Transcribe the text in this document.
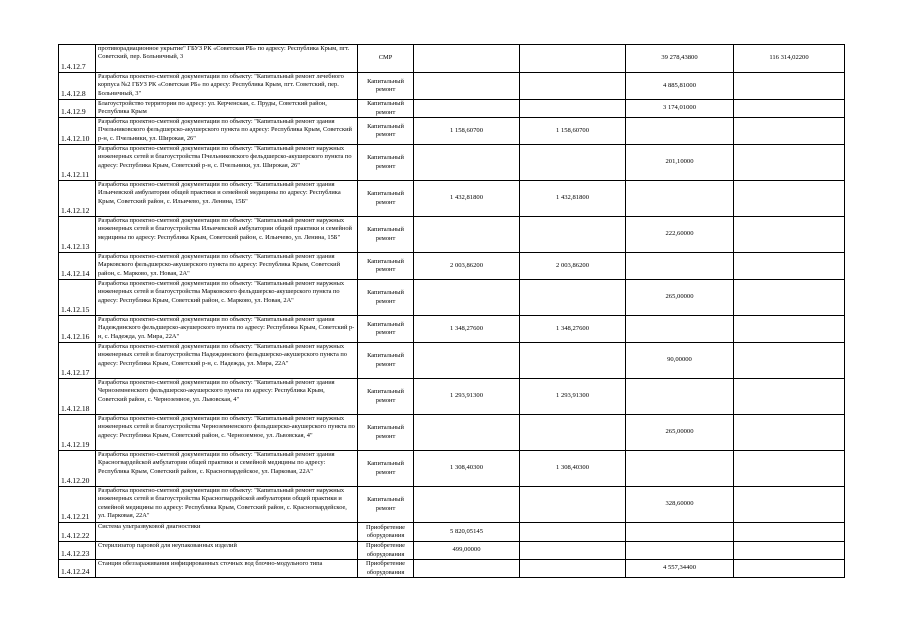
1.4.12.7	противорадиационное укрытие" ГБУЗ РК «Советская РБ» по адресу: Республика Крым, пгт. Советский, пер. Больничный, 3	СМР			39 278,43800	116 314,02200
1.4.12.8	Разработка проектно-сметной документации по объекту: "Капитальный ремонт лечебного корпуса №2 ГБУЗ РК «Советская РБ» по адресу: Республика Крым, пгт. Советский, пер. Больничный, 3"	Капитальный ремонт			4 885,81000	
1.4.12.9	Благоустройство территории по адресу: ул. Керченская, с. Пруды, Советский район, Республика Крым	Капитальный ремонт			3 174,01000	
1.4.12.10	Разработка проектно-сметной документации по объекту: "Капитальный ремонт здания Пчельниковского фельдшерско-акушерского пункта по адресу: Республика Крым, Советский р-н, с. Пчельники, ул. Широкая, 26"	Капитальный ремонт	1 158,60700	1 158,60700		
1.4.12.11	Разработка проектно-сметной документации по объекту: "Капитальный ремонт наружных инженерных сетей и благоустройства Пчельниковского фельдшерско-акушерского пункта по адресу: Республика Крым, Советский р-н, с. Пчельники, ул. Широкая, 26"	Капитальный ремонт			201,10000	
1.4.12.12	Разработка проектно-сметной документации по объекту: "Капитальный ремонт здания Ильичевской амбулатории общей практики и семейной медицины по адресу: Республика Крым, Советский район, с. Ильичево, ул. Ленина, 15Б"	Капитальный ремонт	1 432,81800	1 432,81800		
1.4.12.13	Разработка проектно-сметной документации по объекту: "Капитальный ремонт наружных инженерных сетей и благоустройства Ильичевской амбулатории общей практики и семейной медицины по адресу: Республика Крым, Советский район, с. Ильичево, ул. Ленина, 15Б"	Капитальный ремонт			222,60000	
1.4.12.14	Разработка проектно-сметной документации по объекту: "Капитальный ремонт здания Марковского фельдшерско-акушерского пункта по адресу: Республика Крым, Советский район, с. Марково, ул. Новая, 2А"	Капитальный ремонт	2 003,86200	2 003,86200		
1.4.12.15	Разработка проектно-сметной документации по объекту: "Капитальный ремонт наружных инженерных сетей и благоустройства Марковского фельдшерско-акушерского пункта по адресу: Республика Крым, Советский район, с. Марково, ул. Новая, 2А"	Капитальный ремонт			265,00000	
1.4.12.16	Разработка проектно-сметной документации по объекту: "Капитальный ремонт здания Надеждинского фельдшерско-акушерского пункта по адресу: Республика Крым, Советский р-н, с. Надежда, ул. Мира, 22А"	Капитальный ремонт	1 348,27600	1 348,27600		
1.4.12.17	Разработка проектно-сметной документации по объекту: "Капитальный ремонт наружных инженерных сетей и благоустройства Надеждинского фельдшерско-акушерского пункта по адресу: Республика Крым, Советский р-н, с. Надежда, ул. Мира, 22А"	Капитальный ремонт			90,00000	
1.4.12.18	Разработка проектно-сметной документации по объекту: "Капитальный ремонт здания Черноземненского фельдшерско-акушерского пункта по адресу: Республика Крым, Советский район, с. Черноземное, ул. Львовская, 4"	Капитальный ремонт	1 293,91300	1 293,91300		
1.4.12.19	Разработка проектно-сметной документации по объекту: "Капитальный ремонт наружных инженерных сетей и благоустройства Черноземненского фельдшерско-акушерского пункта по адресу: Республика Крым, Советский район, с. Черноземное, ул. Львовская, 4"	Капитальный ремонт			265,00000	
1.4.12.20	Разработка проектно-сметной документации по объекту: "Капитальный ремонт здания Красногвардейской амбулатории общей практики и семейной медицины по адресу: Республика Крым, Советский район, с. Красногвардейское, ул. Парковая, 22А"	Капитальный ремонт	1 308,40300	1 308,40300		
1.4.12.21	Разработка проектно-сметной документации по объекту: "Капитальный ремонт наружных инженерных сетей и благоустройства Красногвардейской амбулатории общей практики и семейной медицины по адресу: Республика Крым, Советский район, с. Красногвардейское, ул. Парковая, 22А"	Капитальный ремонт			328,60000	
1.4.12.22	Система ультразвуковой диагностики	Приобретение оборудования	5 820,05145			
1.4.12.23	Стерилизатор паровой для неупакованных изделий	Приобретение оборудования	499,00000			
1.4.12.24	Станция обеззараживания инфицированных сточных вод блочно-модульного типа	Приобретение оборудования			4 557,34400	
